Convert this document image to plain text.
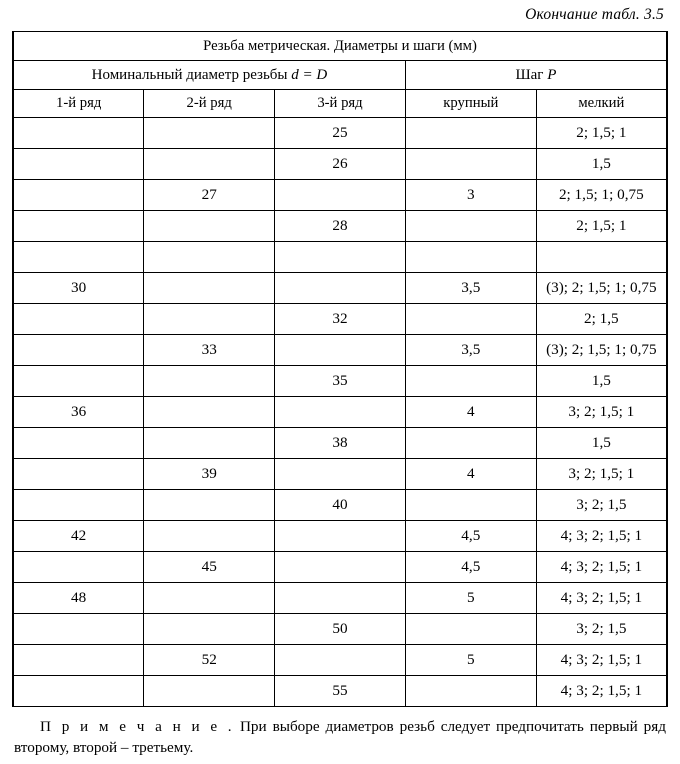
Окончание табл. 3.5
Резьба метрическая. Диаметры и шаги (мм)				
Номинальный диаметр резьбы d = D			Шаг P	
1-й ряд	2-й ряд	3-й ряд	крупный	мелкий
		25		2; 1,5; 1
		26		1,5
	27		3	2; 1,5; 1; 0,75
		28		2; 1,5; 1

30			3,5	(3); 2; 1,5; 1; 0,75
		32		2; 1,5
	33		3,5	(3); 2; 1,5; 1; 0,75
		35		1,5
36			4	3; 2; 1,5; 1
		38		1,5
	39		4	3; 2; 1,5; 1
		40		3; 2; 1,5
42			4,5	4; 3; 2; 1,5; 1
	45		4,5	4; 3; 2; 1,5; 1
48			5	4; 3; 2; 1,5; 1
		50		3; 2; 1,5
	52		5	4; 3; 2; 1,5; 1
		55		4; 3; 2; 1,5; 1
П р и м е ч а н и е . При выборе диаметров резьб следует предпочитать первый ряд второму, второй – третьему.
